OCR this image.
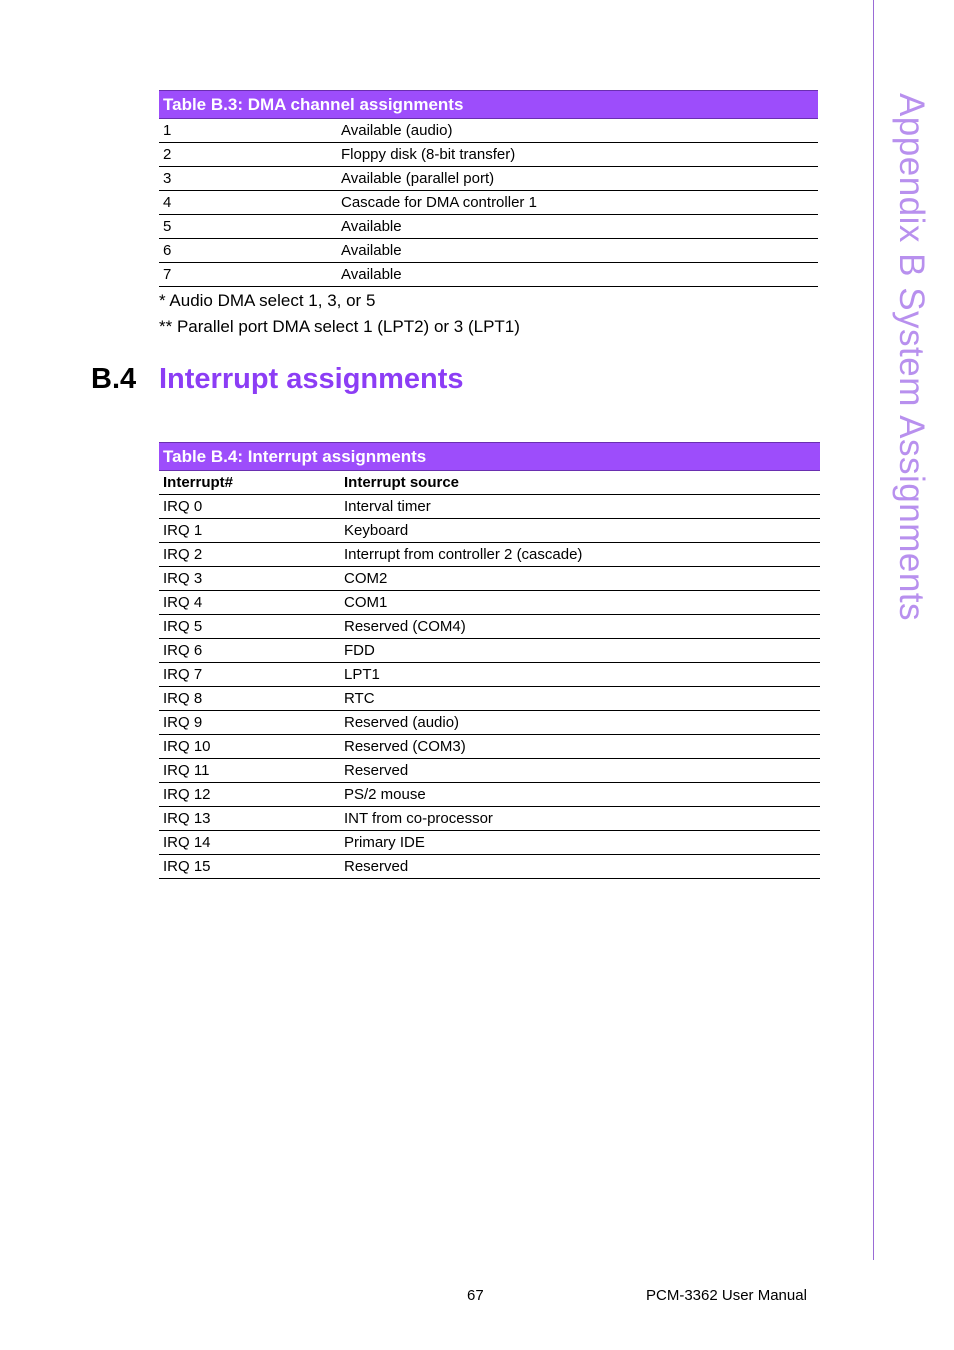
Appendix B System Assignments
Table B.3: DMA channel assignments	
1	Available (audio)
2	Floppy disk (8-bit transfer)
3	Available (parallel port)
4	Cascade for DMA controller 1
5	Available
6	Available
7	Available
* Audio DMA select 1, 3, or 5
** Parallel port DMA select 1 (LPT2) or 3 (LPT1)
B.4 Interrupt assignments
Table B.4: Interrupt assignments	
Interrupt#	Interrupt source
IRQ 0	Interval timer
IRQ 1	Keyboard
IRQ 2	Interrupt from controller 2 (cascade)
IRQ 3	COM2
IRQ 4	COM1
IRQ 5	Reserved (COM4)
IRQ 6	FDD
IRQ 7	LPT1
IRQ 8	RTC
IRQ 9	Reserved (audio)
IRQ 10	Reserved (COM3)
IRQ 11	Reserved
IRQ 12	PS/2 mouse
IRQ 13	INT from co-processor
IRQ 14	Primary IDE
IRQ 15	Reserved
67	PCM-3362 User Manual
